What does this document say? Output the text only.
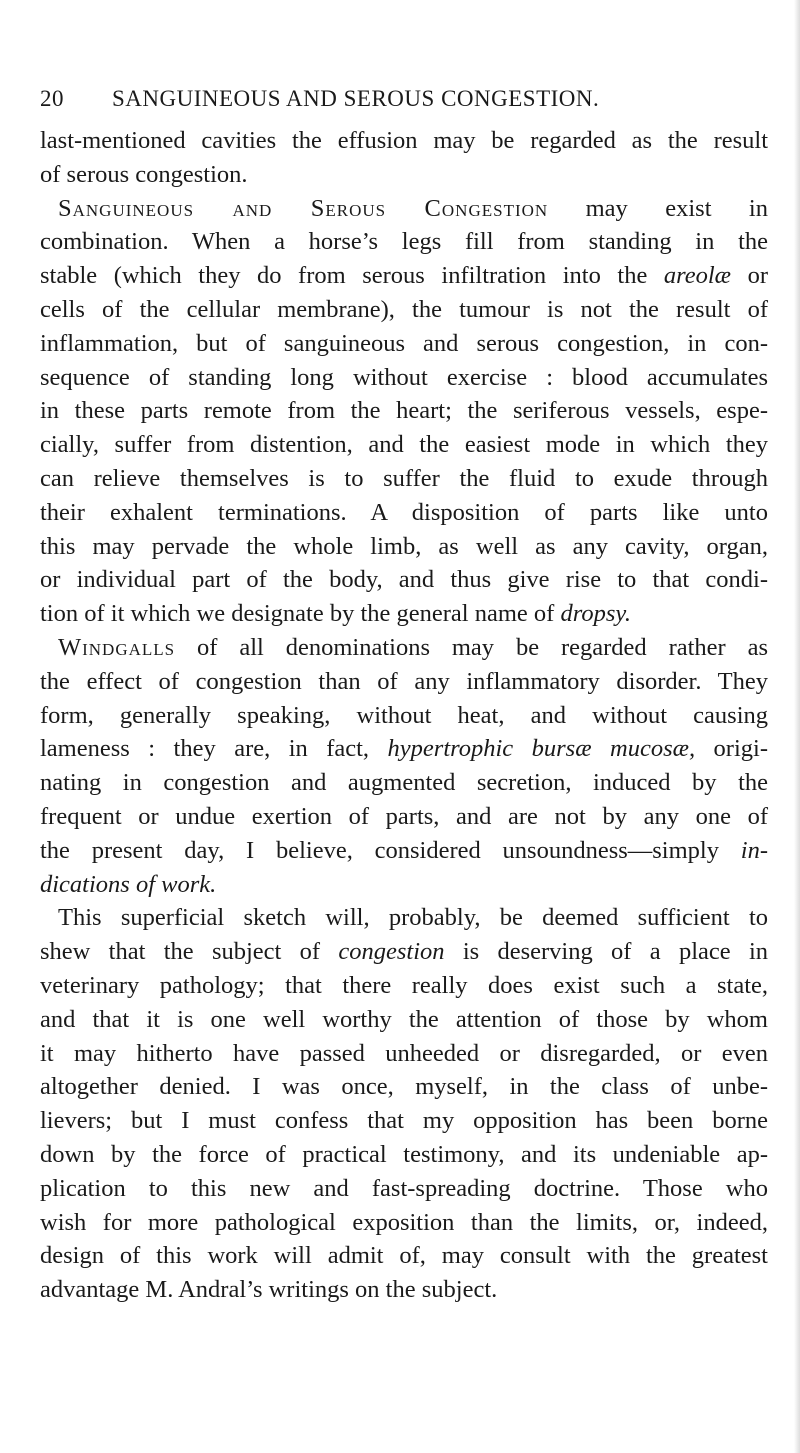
20 SANGUINEOUS AND SEROUS CONGESTION.
last-mentioned cavities the effusion may be regarded as the result
of serous congestion.
Sanguineous and Serous Congestion may exist in
combination. When a horse’s legs fill from standing in the
stable (which they do from serous infiltration into the areolæ or
cells of the cellular membrane), the tumour is not the result of
inflammation, but of sanguineous and serous congestion, in con-
sequence of standing long without exercise : blood accumulates
in these parts remote from the heart; the seriferous vessels, espe-
cially, suffer from distention, and the easiest mode in which they
can relieve themselves is to suffer the fluid to exude through
their exhalent terminations. A disposition of parts like unto
this may pervade the whole limb, as well as any cavity, organ,
or individual part of the body, and thus give rise to that condi-
tion of it which we designate by the general name of dropsy.
Windgalls of all denominations may be regarded rather as
the effect of congestion than of any inflammatory disorder. They
form, generally speaking, without heat, and without causing
lameness : they are, in fact, hypertrophic bursæ mucosæ, origi-
nating in congestion and augmented secretion, induced by the
frequent or undue exertion of parts, and are not by any one of
the present day, I believe, considered unsoundness—simply in-
dications of work.
This superficial sketch will, probably, be deemed sufficient to
shew that the subject of congestion is deserving of a place in
veterinary pathology; that there really does exist such a state,
and that it is one well worthy the attention of those by whom
it may hitherto have passed unheeded or disregarded, or even
altogether denied. I was once, myself, in the class of unbe-
lievers; but I must confess that my opposition has been borne
down by the force of practical testimony, and its undeniable ap-
plication to this new and fast-spreading doctrine. Those who
wish for more pathological exposition than the limits, or, indeed,
design of this work will admit of, may consult with the greatest
advantage M. Andral’s writings on the subject.
